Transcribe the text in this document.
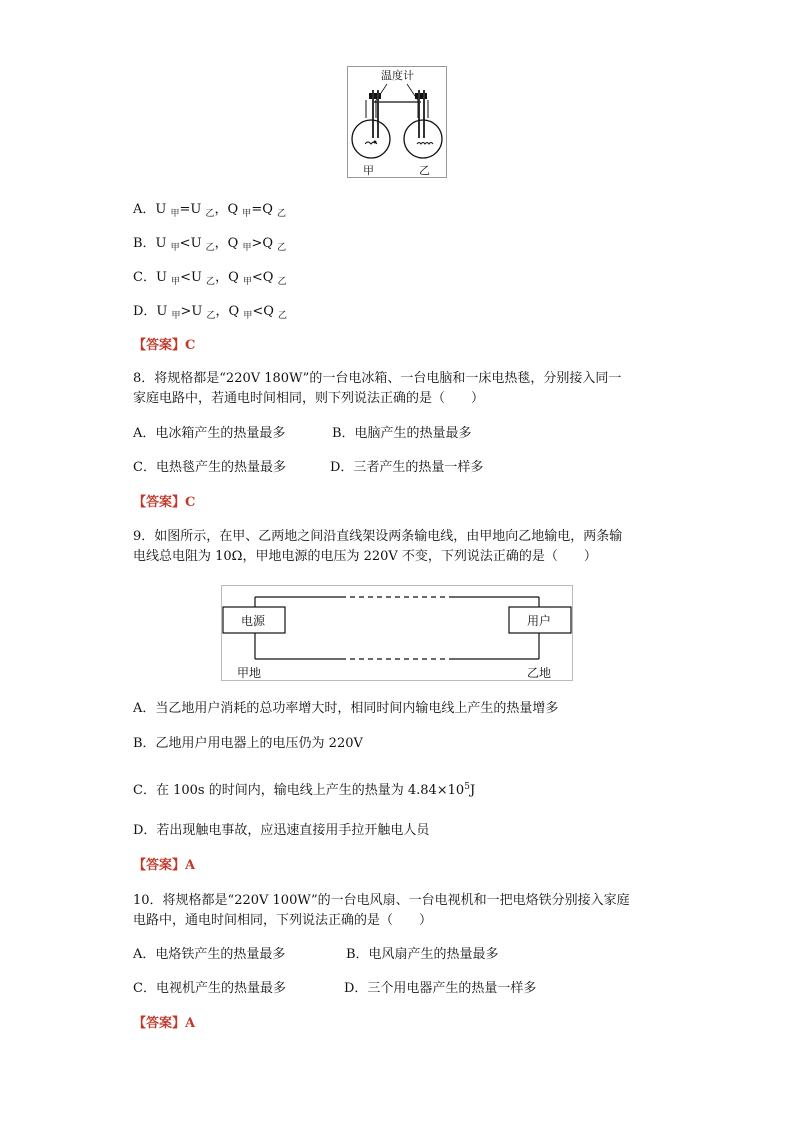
温度计
甲	乙
A．U $_甲$=U $_乙$，Q $_甲$=Q $_乙$
B．U $_甲$<U $_乙$，Q $_甲$>Q $_乙$
C．U $_甲$<U $_乙$，Q $_甲$<Q $_乙$
D．U $_甲$>U $_乙$，Q $_甲$<Q $_乙$
【答案】C
8．将规格都是“220V 180W”的一台电冰箱、一台电脑和一床电热毯，分别接入同一
家庭电路中，若通电时间相同，则下列说法正确的是（　　）
A．电冰箱产生的热量最多	B．电脑产生的热量最多
C．电热毯产生的热量最多	D．三者产生的热量一样多
【答案】C
9．如图所示，在甲、乙两地之间沿直线架设两条输电线，由甲地向乙地输电，两条输
电线总电阻为 10Ω，甲地电源的电压为 220V 不变，下列说法正确的是（　　）
电源	用户
甲地	乙地
A．当乙地用户消耗的总功率增大时，相同时间内输电线上产生的热量增多
B．乙地用户用电器上的电压仍为 220V
C．在 100s 的时间内，输电线上产生的热量为 $4.84\times 10^5J$
D．若出现触电事故，应迅速直接用手拉开触电人员
【答案】A
10．将规格都是“220V 100W”的一台电风扇、一台电视机和一把电烙铁分别接入家庭
电路中，通电时间相同，下列说法正确的是（　　）
A．电烙铁产生的热量最多	B．电风扇产生的热量最多
C．电视机产生的热量最多	D．三个用电器产生的热量一样多
【答案】A
